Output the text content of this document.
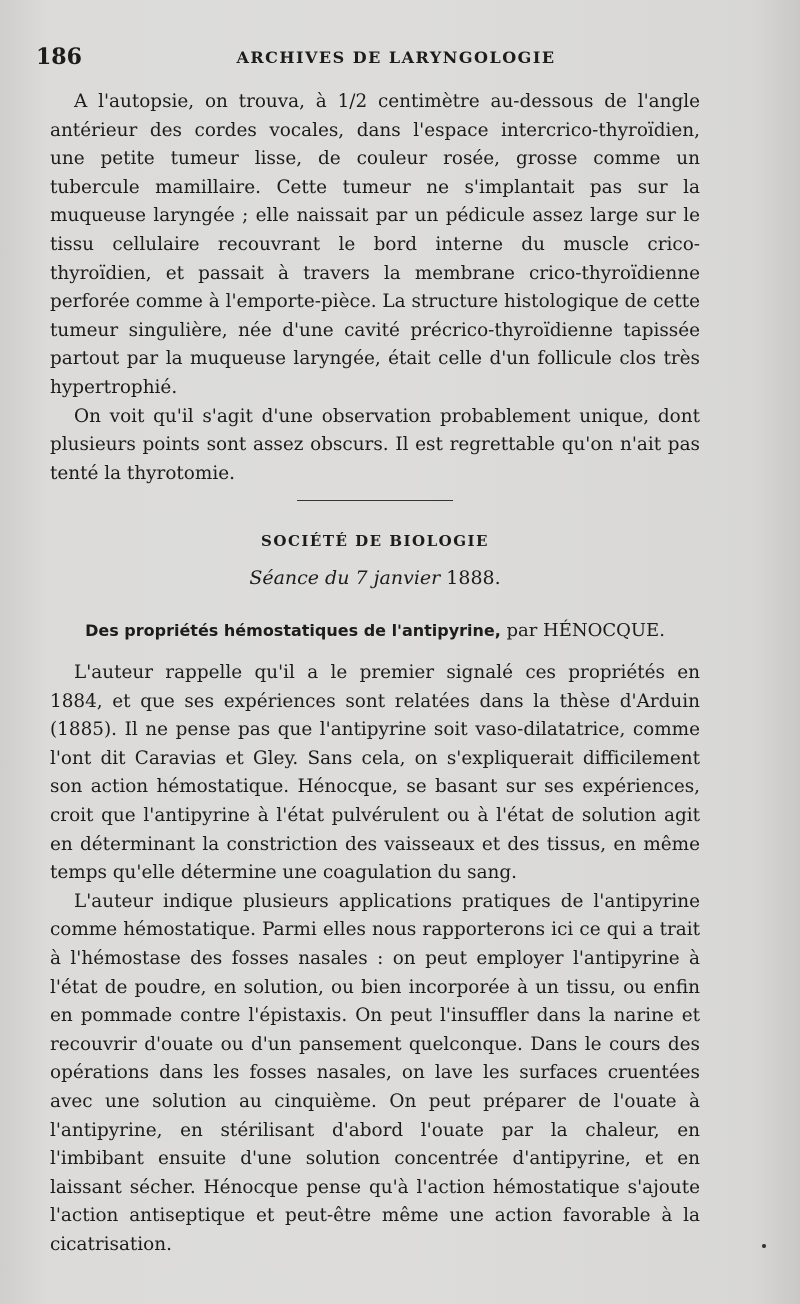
186	ARCHIVES DE LARYNGOLOGIE

A l'autopsie, on trouva, à 1/2 centimètre au-dessous de l'angle antérieur des cordes vocales, dans l'espace intercrico-thyroïdien, une petite tumeur lisse, de couleur rosée, grosse comme un tubercule mamillaire. Cette tumeur ne s'implantait pas sur la muqueuse laryngée ; elle naissait par un pédicule assez large sur le tissu cellulaire recouvrant le bord interne du muscle crico-thyroïdien, et passait à travers la membrane crico-thyroïdienne perforée comme à l'emporte-pièce. La structure histologique de cette tumeur singulière, née d'une cavité précrico-thyroïdienne tapissée partout par la muqueuse laryngée, était celle d'un follicule clos très hypertrophié.

On voit qu'il s'agit d'une observation probablement unique, dont plusieurs points sont assez obscurs. Il est regrettable qu'on n'ait pas tenté la thyrotomie.

SOCIÉTÉ DE BIOLOGIE
Séance du 7 janvier 1888.
Des propriétés hémostatiques de l'antipyrine, par HÉNOCQUE.

L'auteur rappelle qu'il a le premier signalé ces propriétés en 1884, et que ses expériences sont relatées dans la thèse d'Arduin (1885). Il ne pense pas que l'antipyrine soit vaso-dilatatrice, comme l'ont dit Caravias et Gley. Sans cela, on s'expliquerait difficilement son action hémostatique. Hénocque, se basant sur ses expériences, croit que l'antipyrine à l'état pulvérulent ou à l'état de solution agit en déterminant la constriction des vaisseaux et des tissus, en même temps qu'elle détermine une coagulation du sang.

L'auteur indique plusieurs applications pratiques de l'antipyrine comme hémostatique. Parmi elles nous rapporterons ici ce qui a trait à l'hémostase des fosses nasales : on peut employer l'antipyrine à l'état de poudre, en solution, ou bien incorporée à un tissu, ou enfin en pommade contre l'épistaxis. On peut l'insuffler dans la narine et recouvrir d'ouate ou d'un pansement quelconque. Dans le cours des opérations dans les fosses nasales, on lave les surfaces cruentées avec une solution au cinquième. On peut préparer de l'ouate à l'antipyrine, en stérilisant d'abord l'ouate par la chaleur, en l'imbibant ensuite d'une solution concentrée d'antipyrine, et en laissant sécher. Hénocque pense qu'à l'action hémostatique s'ajoute l'action antiseptique et peut-être même une action favorable à la cicatrisation.
